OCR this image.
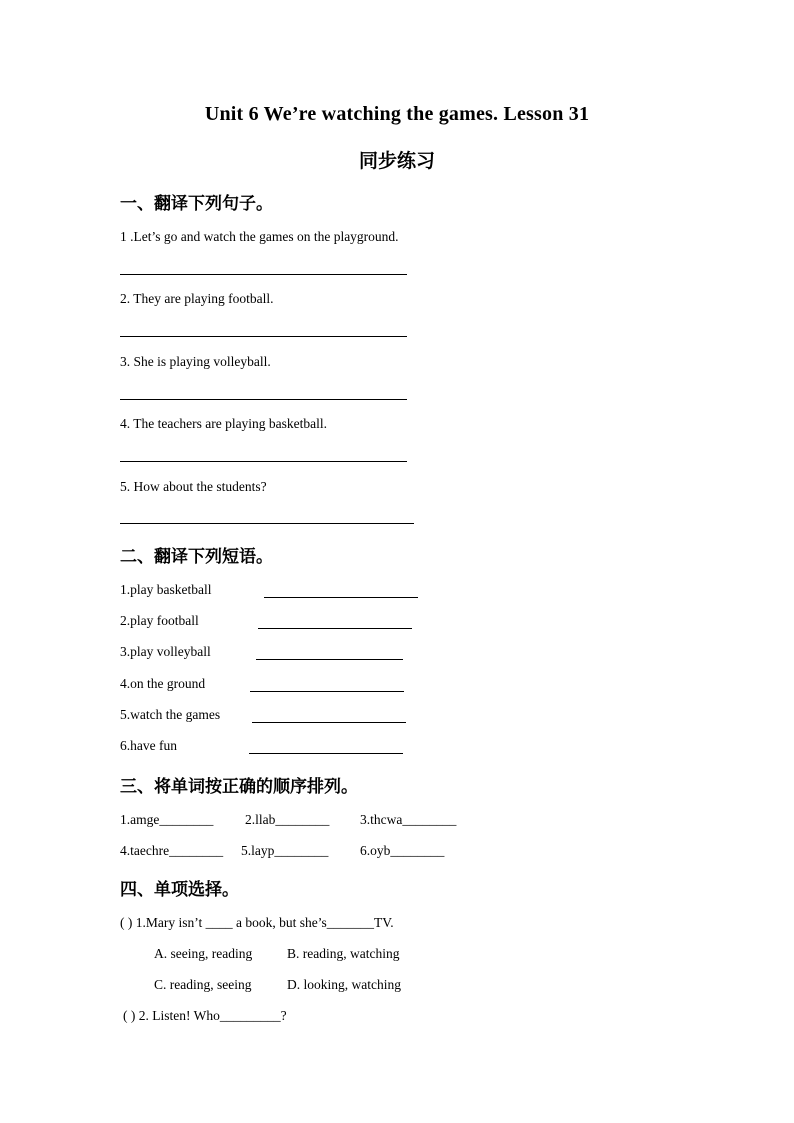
Unit 6 We’re watching the games. Lesson 31
同步练习
一、翻译下列句子。
1 .Let’s go and watch the games on the playground.
2. They are playing football.
3. She is playing volleyball.
4. The teachers are playing basketball.
5. How about the students?
二、翻译下列短语。
1.play basketball
2.play football
3.play volleyball
4.on the ground
5.watch the games
6.have fun
三、将单词按正确的顺序排列。
1.amge________ 2.llab________ 3.thcwa________
4.taechre________ 5.layp________ 6.oyb________
四、单项选择。
( ) 1.Mary isn’t ____ a book, but she’s_______TV.
A. seeing, reading	B. reading, watching
C. reading, seeing	D. looking, watching
( ) 2. Listen! Who_________?
